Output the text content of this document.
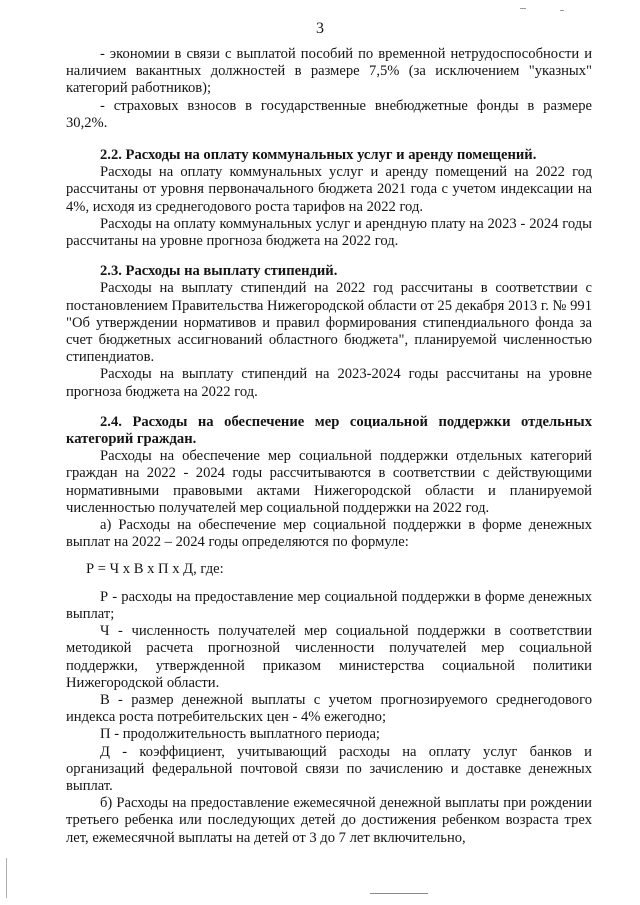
3

- экономии в связи с выплатой пособий по временной нетрудоспособности и наличием вакантных должностей в размере 7,5% (за исключением "указных" категорий работников);

- страховых взносов в государственные внебюджетные фонды в размере 30,2%.

2.2. Расходы на оплату коммунальных услуг и аренду помещений.

Расходы на оплату коммунальных услуг и аренду помещений на 2022 год рассчитаны от уровня первоначального бюджета 2021 года с учетом индексации на 4%, исходя из среднегодового роста тарифов на 2022 год.

Расходы на оплату коммунальных услуг и арендную плату на 2023 - 2024 годы рассчитаны на уровне прогноза бюджета на 2022 год.

2.3. Расходы на выплату стипендий.

Расходы на выплату стипендий на 2022 год рассчитаны в соответствии с постановлением Правительства Нижегородской области от 25 декабря 2013 г. № 991 "Об утверждении нормативов и правил формирования стипендиального фонда за счет бюджетных ассигнований областного бюджета", планируемой численностью стипендиатов.

Расходы на выплату стипендий на 2023-2024 годы рассчитаны на уровне прогноза бюджета на 2022 год.

2.4. Расходы на обеспечение мер социальной поддержки отдельных категорий граждан.

Расходы на обеспечение мер социальной поддержки отдельных категорий граждан на 2022 - 2024 годы рассчитываются в соответствии с действующими нормативными правовыми актами Нижегородской области и планируемой численностью получателей мер социальной поддержки на 2022 год.

а) Расходы на обеспечение мер социальной поддержки в форме денежных выплат на 2022 – 2024 годы определяются по формуле:

Р = Ч х В х П х Д, где:

Р - расходы на предоставление мер социальной поддержки в форме денежных выплат;

Ч - численность получателей мер социальной поддержки в соответствии методикой расчета прогнозной численности получателей мер социальной поддержки, утвержденной приказом министерства социальной политики Нижегородской области.

В - размер денежной выплаты с учетом прогнозируемого среднегодового индекса роста потребительских цен - 4% ежегодно;

П - продолжительность выплатного периода;

Д - коэффициент, учитывающий расходы на оплату услуг банков и организаций федеральной почтовой связи по зачислению и доставке денежных выплат.

б) Расходы на предоставление ежемесячной денежной выплаты при рождении третьего ребенка или последующих детей до достижения ребенком возраста трех лет, ежемесячной выплаты на детей от 3 до 7 лет включительно,
